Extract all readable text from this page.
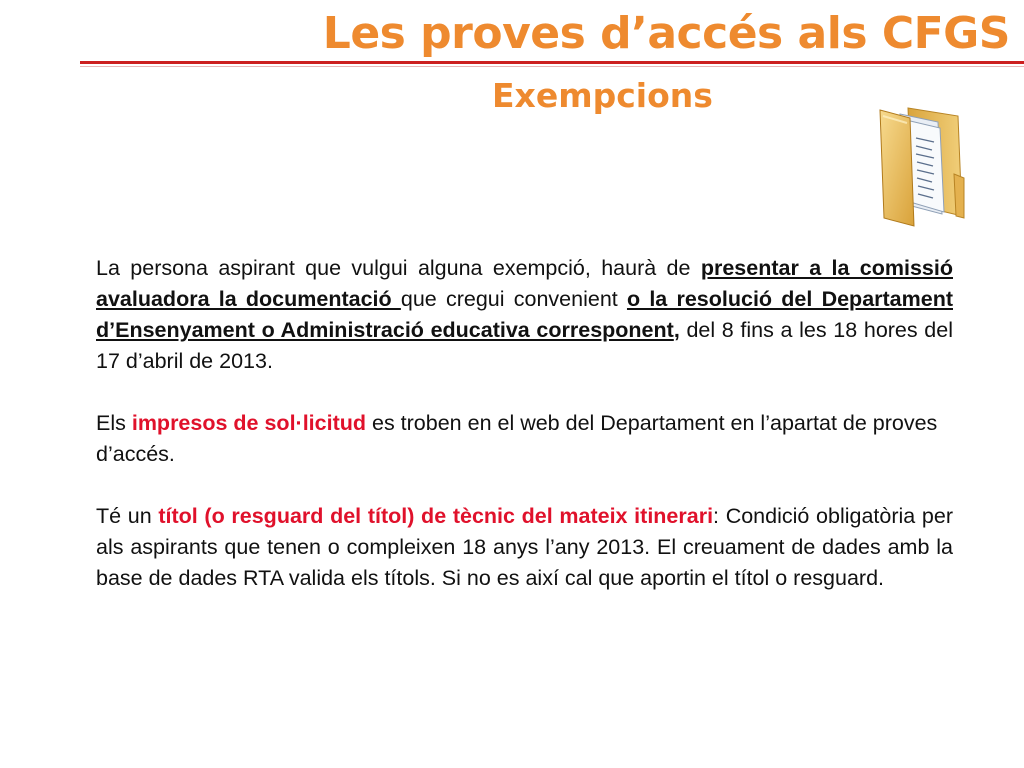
Les proves d’accés als CFGS
Exempcions

La persona aspirant que vulgui alguna exempció, haurà de presentar a la comissió avaluadora la documentació que cregui convenient o la resolució del Departament d’Ensenyament o Administració educativa corresponent, del 8 fins a les 18 hores del 17 d’abril de 2013.

Els impresos de sol·licitud es troben en el web del Departament en l’apartat de proves d’accés.

Té un títol (o resguard del títol) de tècnic del mateix itinerari: Condició obligatòria per als aspirants que tenen o compleixen 18 anys l’any 2013. El creuament de dades amb la base de dades RTA valida els títols. Si no es així cal que aportin el títol o resguard.
